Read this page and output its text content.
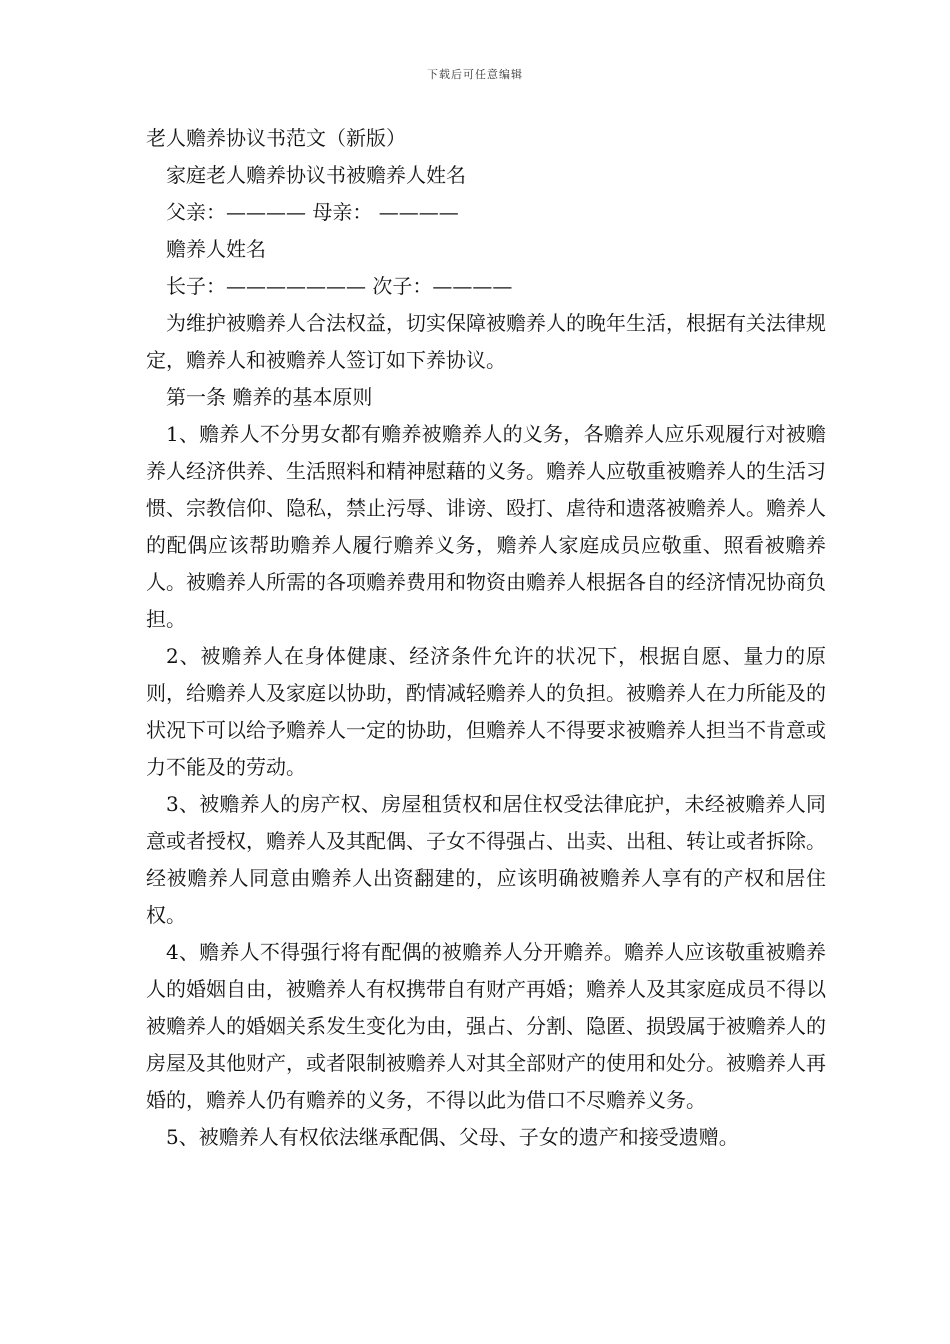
下载后可任意编辑

老人赡养协议书范文（新版）

家庭老人赡养协议书被赡养人姓名

父亲：———— 母亲： ————

赡养人姓名

长子：——————— 次子：————

为维护被赡养人合法权益，切实保障被赡养人的晚年生活，根据有关法律规定，赡养人和被赡养人签订如下养协议。

第一条 赡养的基本原则

1、赡养人不分男女都有赡养被赡养人的义务，各赡养人应乐观履行对被赡养人经济供养、生活照料和精神慰藉的义务。赡养人应敬重被赡养人的生活习惯、宗教信仰、隐私，禁止污辱、诽谤、殴打、虐待和遗落被赡养人。赡养人的配偶应该帮助赡养人履行赡养义务，赡养人家庭成员应敬重、照看被赡养人。被赡养人所需的各项赡养费用和物资由赡养人根据各自的经济情况协商负担。

2、被赡养人在身体健康、经济条件允许的状况下，根据自愿、量力的原则，给赡养人及家庭以协助，酌情减轻赡养人的负担。被赡养人在力所能及的状况下可以给予赡养人一定的协助，但赡养人不得要求被赡养人担当不肯意或力不能及的劳动。

3、被赡养人的房产权、房屋租赁权和居住权受法律庇护，未经被赡养人同意或者授权，赡养人及其配偶、子女不得强占、出卖、出租、转让或者拆除。经被赡养人同意由赡养人出资翻建的，应该明确被赡养人享有的产权和居住权。

4、赡养人不得强行将有配偶的被赡养人分开赡养。赡养人应该敬重被赡养人的婚姻自由，被赡养人有权携带自有财产再婚；赡养人及其家庭成员不得以被赡养人的婚姻关系发生变化为由，强占、分割、隐匿、损毁属于被赡养人的房屋及其他财产，或者限制被赡养人对其全部财产的使用和处分。被赡养人再婚的，赡养人仍有赡养的义务，不得以此为借口不尽赡养义务。

5、被赡养人有权依法继承配偶、父母、子女的遗产和接受遗赠。
